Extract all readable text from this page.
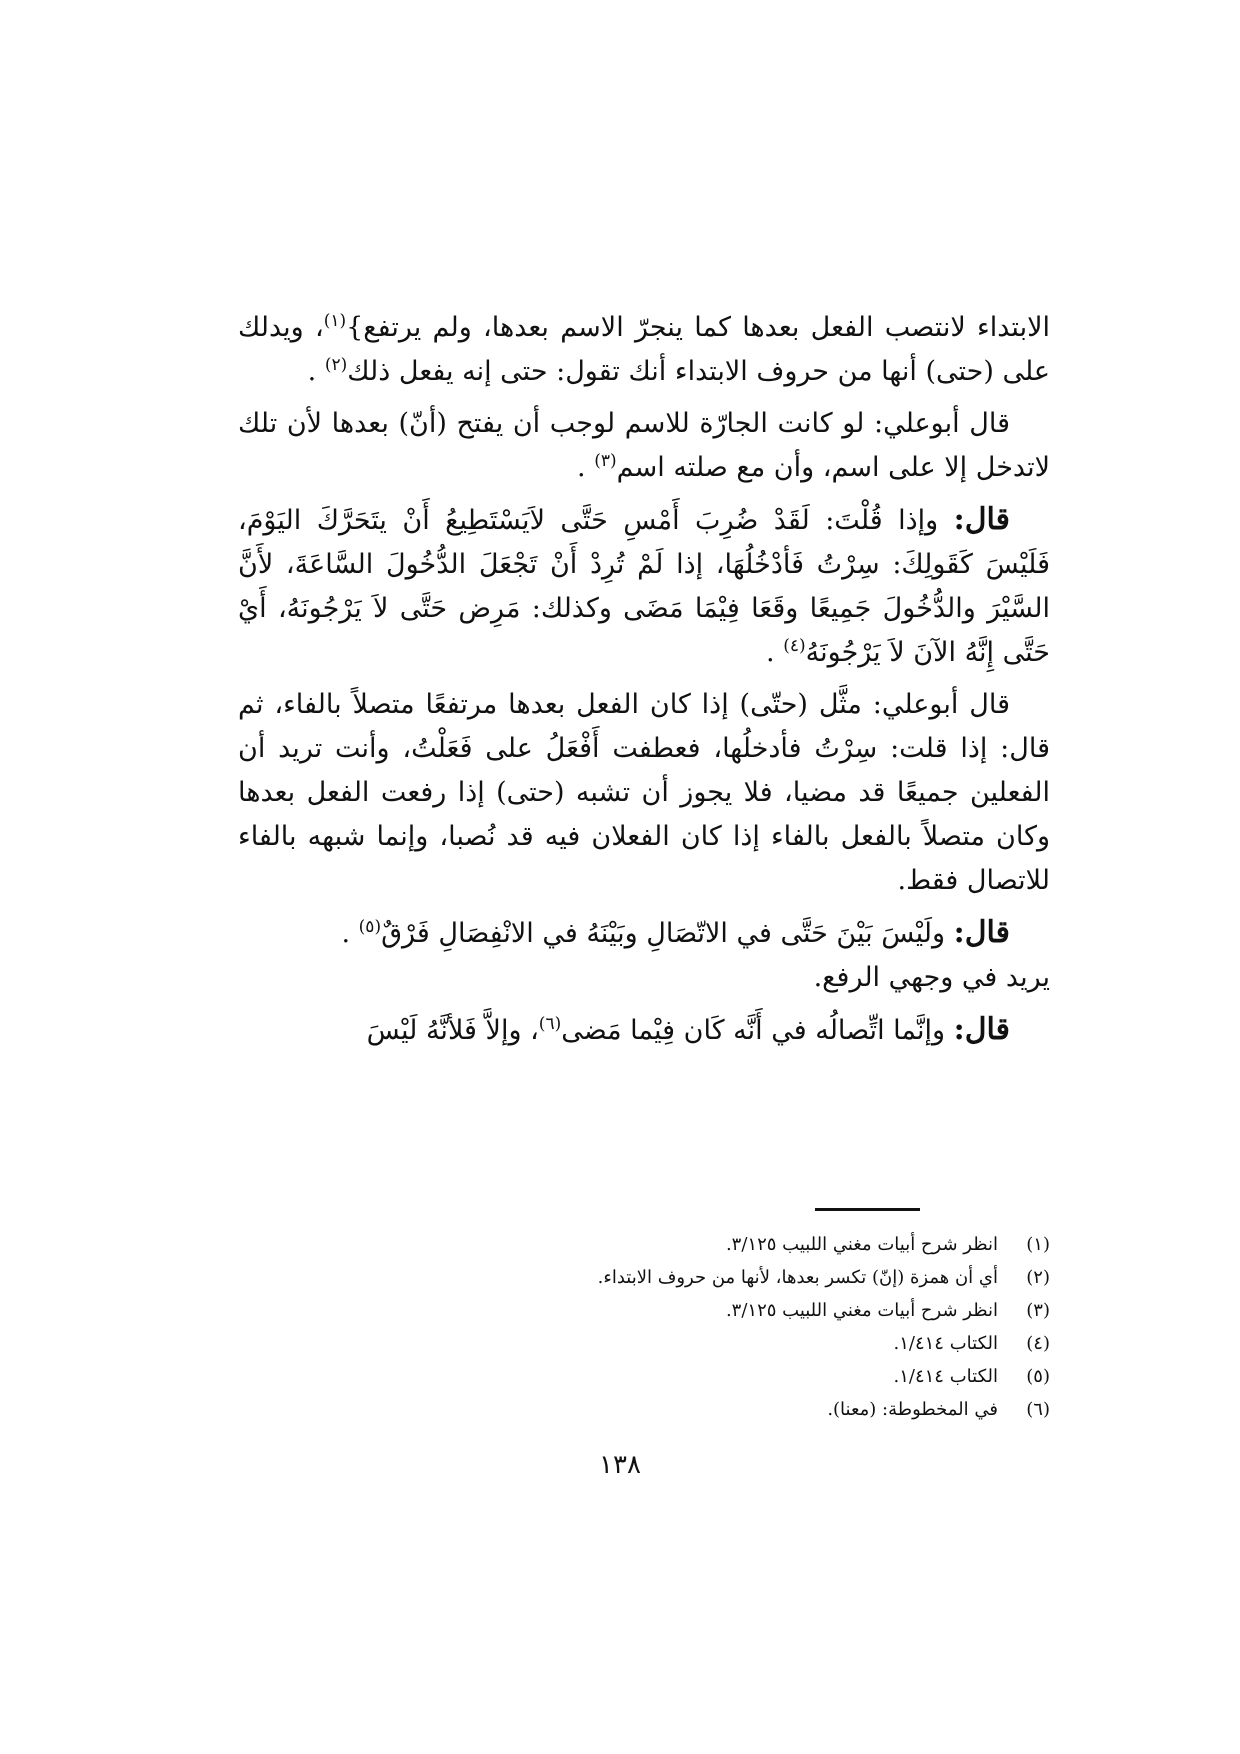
الابتداء لانتصب الفعل بعدها كما ينجرّ الاسم بعدها، ولم يرتفع}$^{(١)}$، ويدلك على (حتى) أنها من حروف الابتداء أنك تقول: حتى إنه يفعل ذلك$^{(٢)}$ .

قال أبوعلي: لو كانت الجارّة للاسم لوجب أن يفتح (أنّ) بعدها لأن تلك لاتدخل إلا على اسم، وأن مع صلته اسم$^{(٣)}$ .

قال: وإذا قُلْتَ: لَقَدْ ضُرِبَ أَمْسِ حَتَّى لاَيَسْتَطِيعُ أَنْ يتَحَرَّكَ اليَوْمَ، فَلَيْسَ كَقَولِكَ: سِرْتُ فَأدْخُلُهَا، إذا لَمْ تُرِدْ أَنْ تَجْعَلَ الدُّخُولَ السَّاعَةَ، لأَنَّ السَّيْرَ والدُّخُولَ جَمِيعًا وقَعَا فِيْمَا مَضَى وكذلك: مَرِض حَتَّى لاَ يَرْجُونَهُ، أَيْ حَتَّى إِنَّهُ الآنَ لاَ يَرْجُونَهُ$^{(٤)}$ .

قال أبوعلي: مثَّل (حتّى) إذا كان الفعل بعدها مرتفعًا متصلاً بالفاء، ثم قال: إذا قلت: سِرْتُ فأدخلُها، فعطفت أَفْعَلُ على فَعَلْتُ، وأنت تريد أن الفعلين جميعًا قد مضيا، فلا يجوز أن تشبه (حتى) إذا رفعت الفعل بعدها وكان متصلاً بالفعل بالفاء إذا كان الفعلان فيه قد نُصبا، وإنما شبهه بالفاء للاتصال فقط.

قال: ولَيْسَ بَيْنَ حَتَّى في الاتّصَالِ وبَيْنَهُ في الانْفِصَالِ فَرْقٌ$^{(٥)}$ .

يريد في وجهي الرفع.

قال: وإنَّما اتِّصالُه في أَنَّه كَان فِيْما مَضى$^{(٦)}$، وإلاَّ فَلأنَّهُ لَيْسَ

(١)
انظر شرح أبيات مغني اللبيب ٣/١٢٥.
(٢)
أي أن همزة (إنّ) تكسر بعدها، لأنها من حروف الابتداء.
(٣)
انظر شرح أبيات مغني اللبيب ٣/١٢٥.
(٤)
الكتاب ١/٤١٤.
(٥)
الكتاب ١/٤١٤.
(٦)
في المخطوطة: (معنا).
١٣٨
